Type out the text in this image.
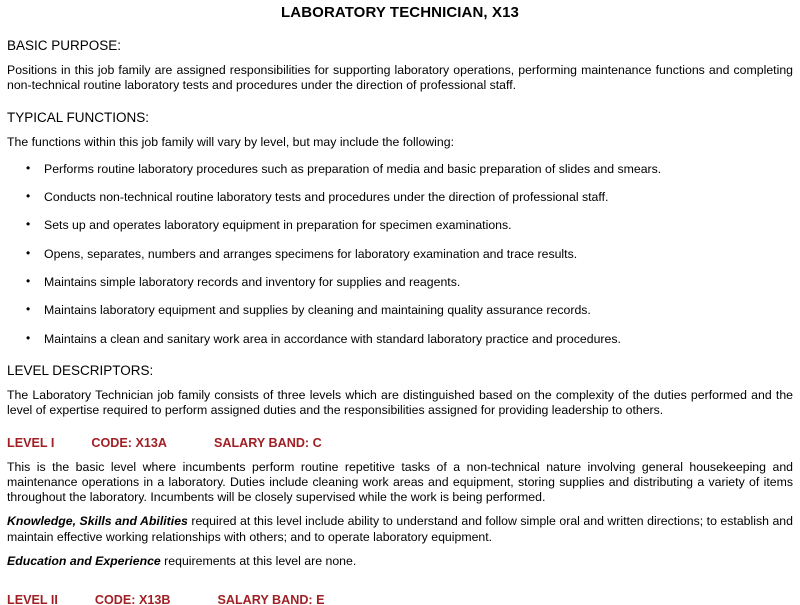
LABORATORY TECHNICIAN, X13
BASIC PURPOSE:

Positions in this job family are assigned responsibilities for supporting laboratory operations, performing maintenance functions and completing non-technical routine laboratory tests and procedures under the direction of professional staff.

TYPICAL FUNCTIONS:

The functions within this job family will vary by level, but may include the following:

• Performs routine laboratory procedures such as preparation of media and basic preparation of slides and smears.
• Conducts non-technical routine laboratory tests and procedures under the direction of professional staff.
• Sets up and operates laboratory equipment in preparation for specimen examinations.
• Opens, separates, numbers and arranges specimens for laboratory examination and trace results.
• Maintains simple laboratory records and inventory for supplies and reagents.
• Maintains laboratory equipment and supplies by cleaning and maintaining quality assurance records.
• Maintains a clean and sanitary work area in accordance with standard laboratory practice and procedures.
LEVEL DESCRIPTORS:

The Laboratory Technician job family consists of three levels which are distinguished based on the complexity of the duties performed and the level of expertise required to perform assigned duties and the responsibilities assigned for providing leadership to others.

LEVEL I	CODE: X13A	SALARY BAND: C

This is the basic level where incumbents perform routine repetitive tasks of a non-technical nature involving general housekeeping and maintenance operations in a laboratory. Duties include cleaning work areas and equipment, storing supplies and distributing a variety of items throughout the laboratory. Incumbents will be closely supervised while the work is being performed.

Knowledge, Skills and Abilities required at this level include ability to understand and follow simple oral and written directions; to establish and maintain effective working relationships with others; and to operate laboratory equipment.

Education and Experience requirements at this level are none.

LEVEL II	CODE: X13B	SALARY BAND: E
